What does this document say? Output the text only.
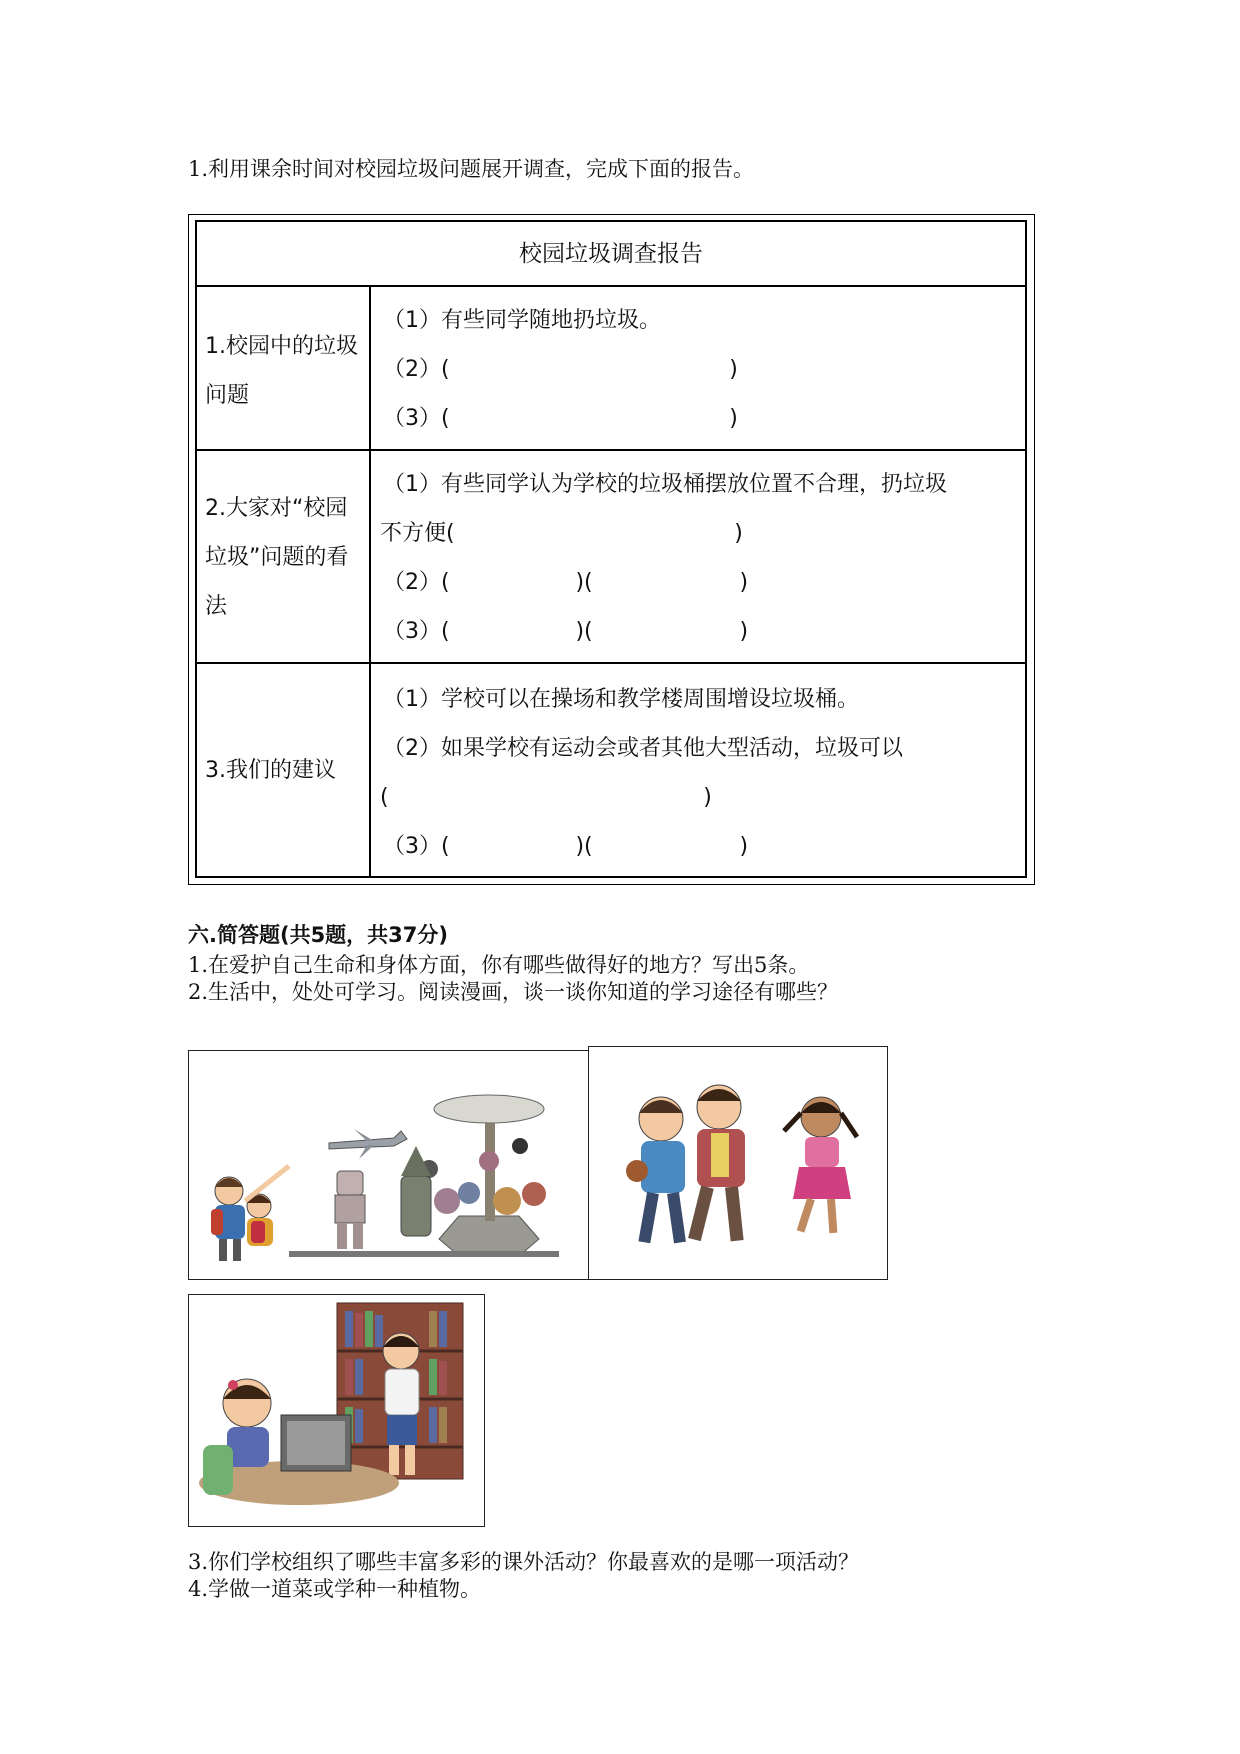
1.利用课余时间对校园垃圾问题展开调查，完成下面的报告。
校园垃圾调查报告
1.校园中的垃圾问题
（1）有些同学随地扔垃圾。
（2）(                                        )
（3）(                                        )
2.大家对“校园垃圾”问题的看法
（1）有些同学认为学校的垃圾桶摆放位置不合理，扔垃圾
不方便(                                        )
（2）(                  )(                     )
（3）(                  )(                     )
3.我们的建议
（1）学校可以在操场和教学楼周围增设垃圾桶。
（2）如果学校有运动会或者其他大型活动，垃圾可以
(                                             )
（3）(                  )(                     )
六.简答题(共5题，共37分)
1.在爱护自己生命和身体方面，你有哪些做得好的地方？写出5条。
2.生活中，处处可学习。阅读漫画，谈一谈你知道的学习途径有哪些？
3.你们学校组织了哪些丰富多彩的课外活动？你最喜欢的是哪一项活动？
4.学做一道菜或学种一种植物。
